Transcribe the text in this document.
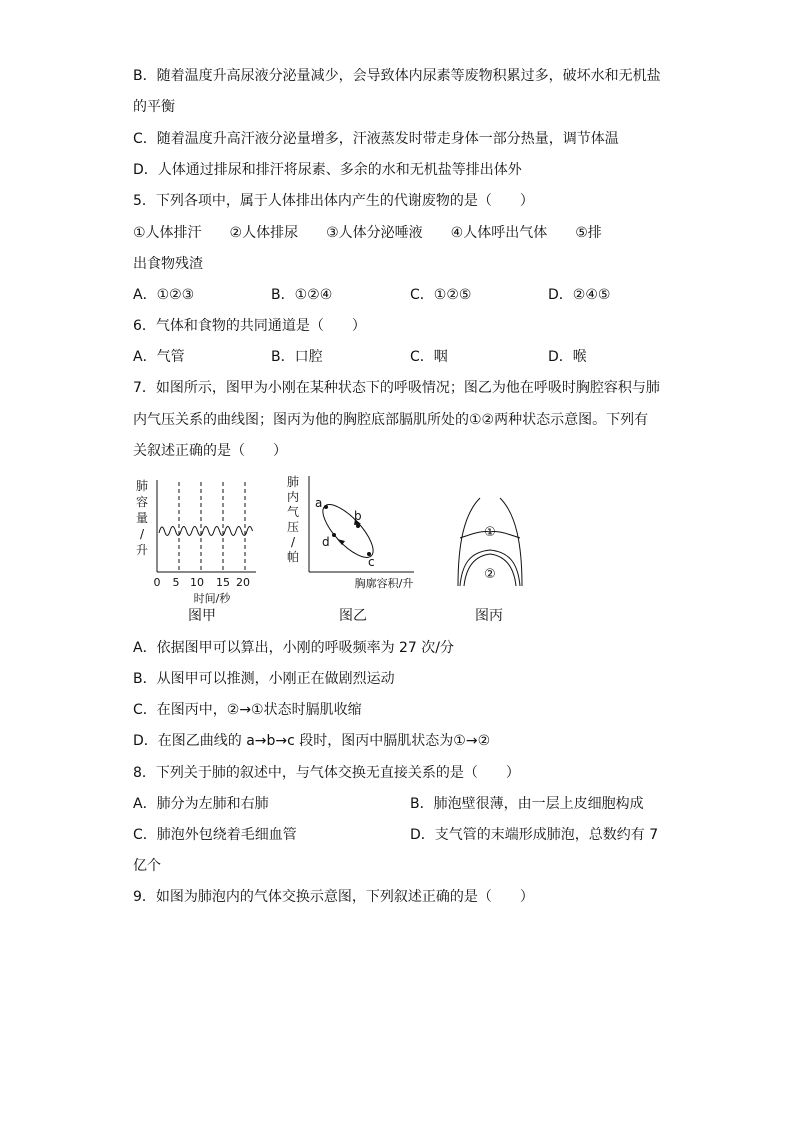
B．随着温度升高尿液分泌量减少，会导致体内尿素等废物积累过多，破坏水和无机盐
的平衡
C．随着温度升高汗液分泌量增多，汗液蒸发时带走身体一部分热量，调节体温
D．人体通过排尿和排汗将尿素、多余的水和无机盐等排出体外
5．下列各项中，属于人体排出体内产生的代谢废物的是（　　）
①人体排汗　　②人体排尿　　③人体分泌唾液　　④人体呼出气体　　⑤排
出食物残渣
A．①②③	B．①②④	C．①②⑤	D．②④⑤
6．气体和食物的共同通道是（　　）
A．气管	B．口腔	C．咽	D．喉
7．如图所示，图甲为小刚在某种状态下的呼吸情况；图乙为他在呼吸时胸腔容积与肺
内气压关系的曲线图；图丙为他的胸腔底部膈肌所处的①②两种状态示意图。下列有
关叙述正确的是（　　）
肺
容
量
/
升
0 5 10 15 20
时间/秒
图甲
肺
内
气
压
/
帕
a
b
c
d
胸廓容积/升
图乙
①
②
图丙
A．依据图甲可以算出，小刚的呼吸频率为 27 次/分
B．从图甲可以推测，小刚正在做剧烈运动
C．在图丙中，②→①状态时膈肌收缩
D．在图乙曲线的 a→b→c 段时，图丙中膈肌状态为①→②
8．下列关于肺的叙述中，与气体交换无直接关系的是（　　）
A．肺分为左肺和右肺	B．肺泡壁很薄，由一层上皮细胞构成
C．肺泡外包绕着毛细血管	D．支气管的末端形成肺泡，总数约有 7
亿个
9．如图为肺泡内的气体交换示意图，下列叙述正确的是（　　）
